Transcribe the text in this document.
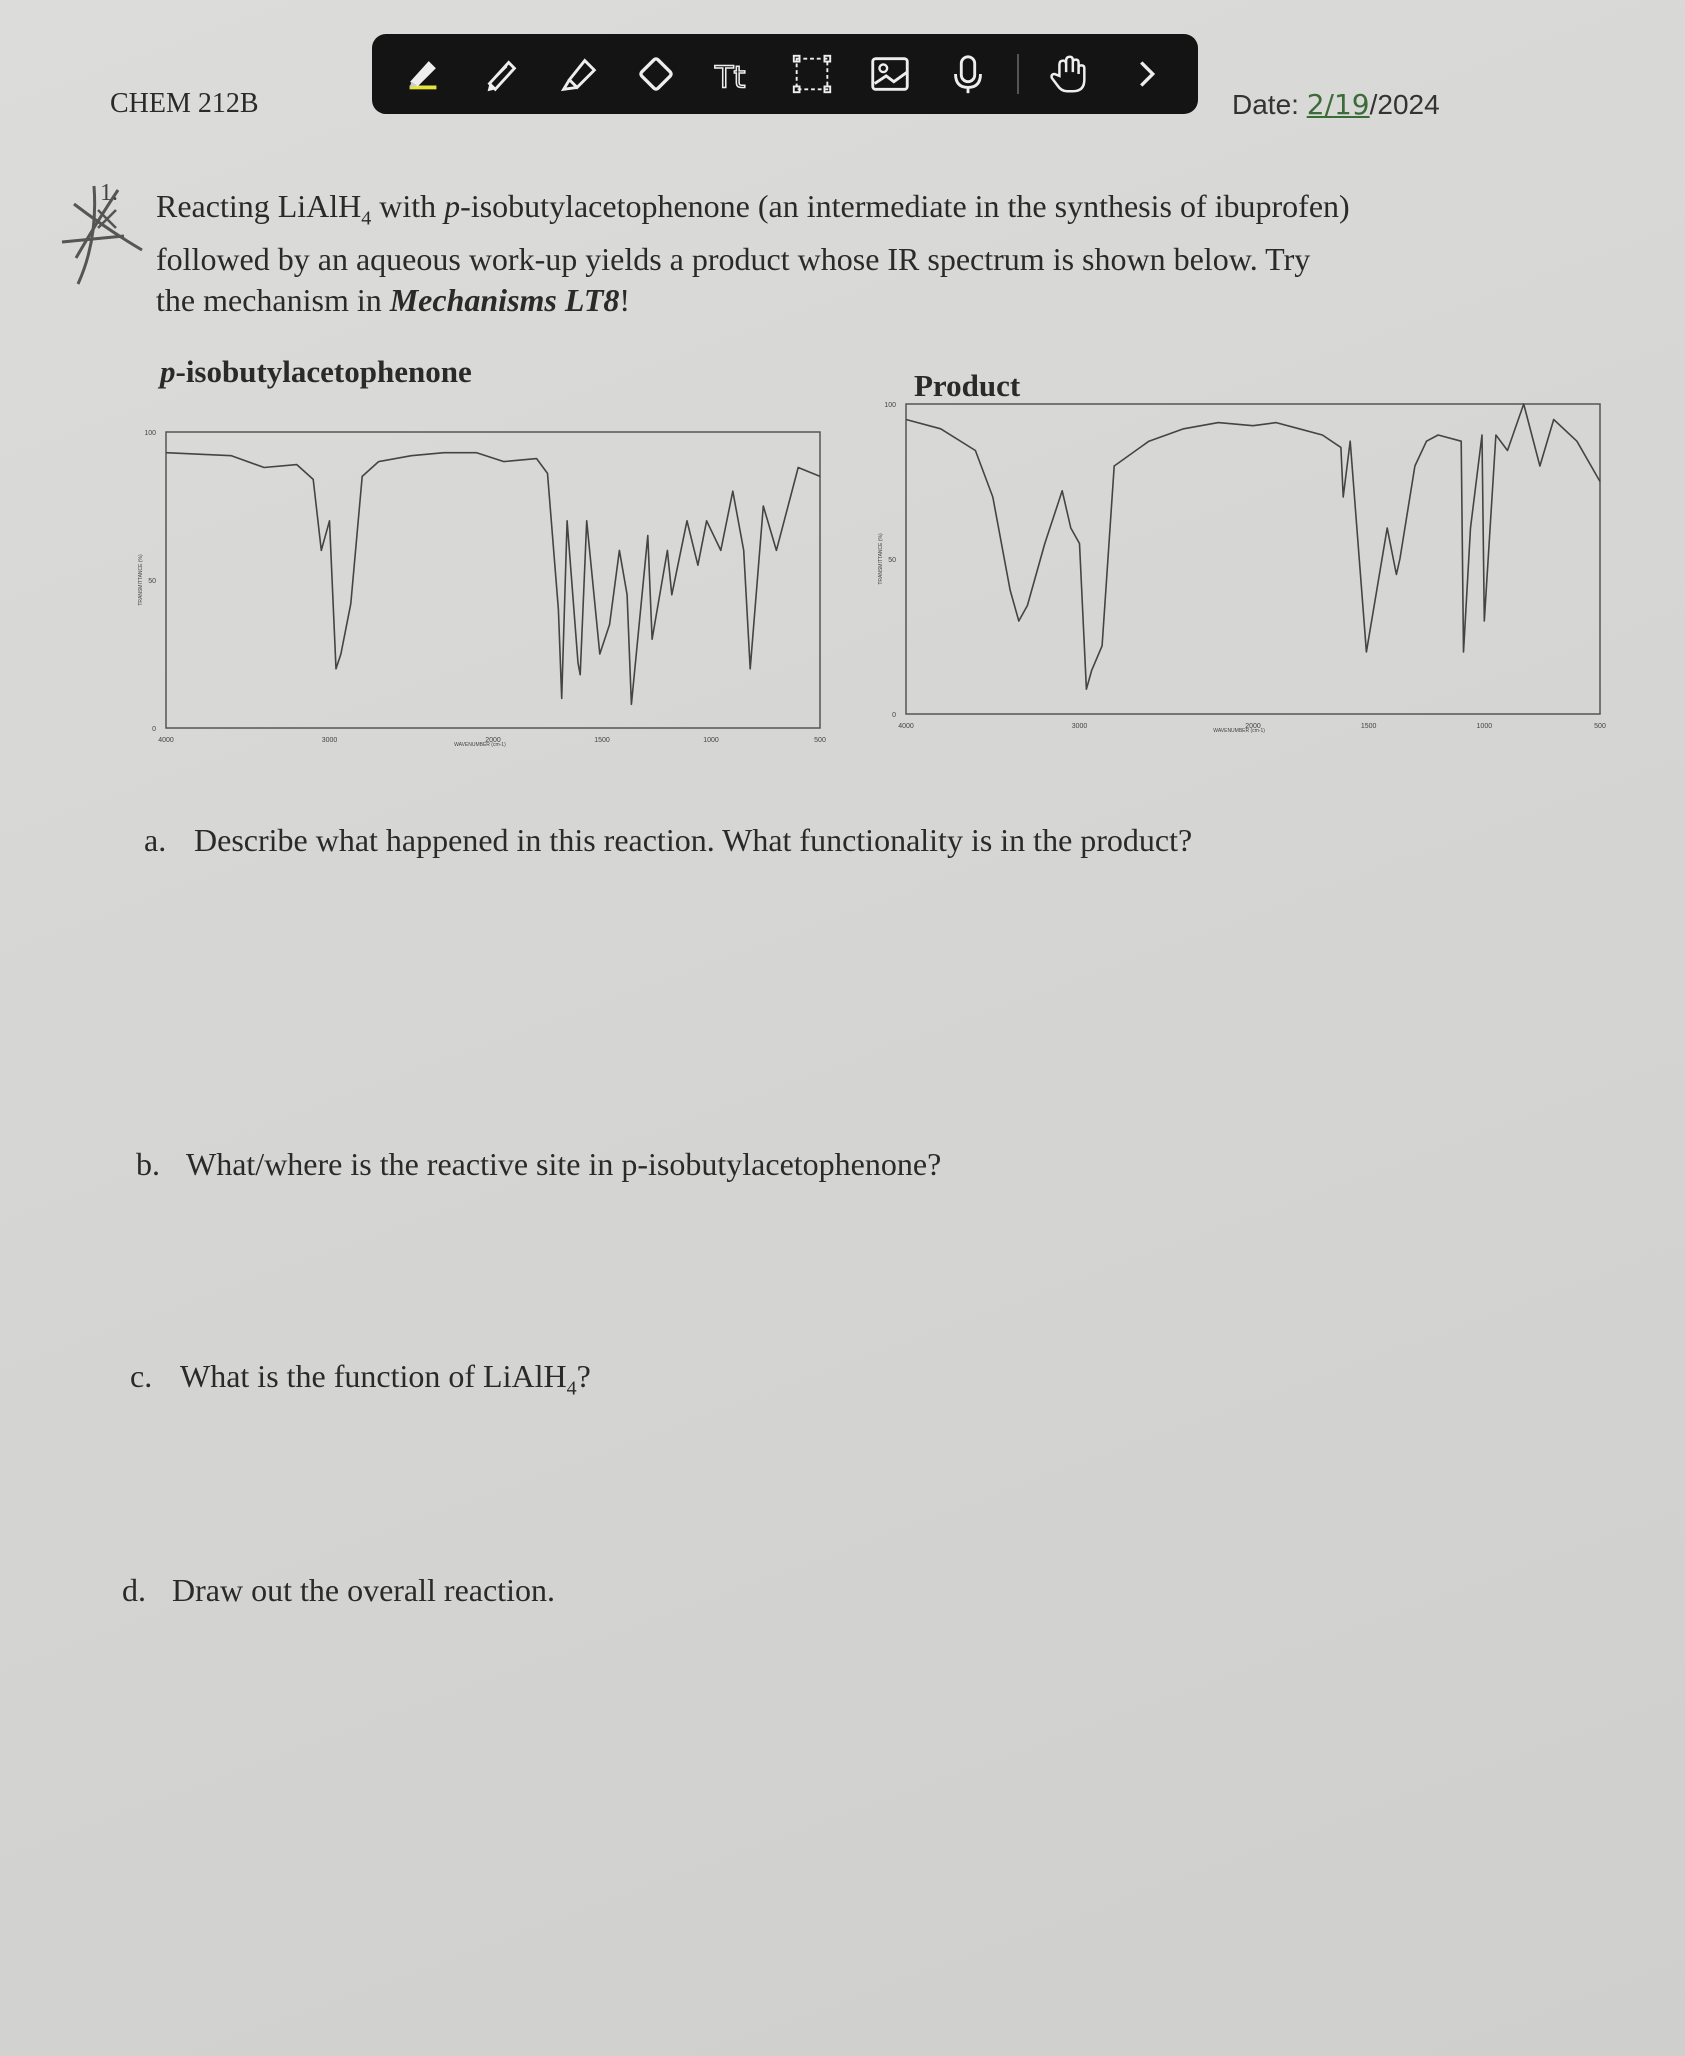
CHEM 212B
Tt
Date: 2/19/2024
1. Reacting LiAlH$_4$ with p-isobutylacetophenone (an intermediate in the synthesis of ibuprofen)
followed by an aqueous work-up yields a product whose IR spectrum is shown below. Try
the mechanism in Mechanisms LT8!
p-isobutylacetophenone	Product
100
50
0
4000	3000	2000	1500	1000	500
WAVENUMBER (cm-1)
TRANSMITTANCE (%)
100
50
0
4000	3000	2000	1500	1000	500
WAVENUMBER (cm-1)
TRANSMITTANCE (%)
a. Describe what happened in this reaction. What functionality is in the product?
b. What/where is the reactive site in p-isobutylacetophenone?
c. What is the function of LiAlH$_4$?
d. Draw out the overall reaction.
